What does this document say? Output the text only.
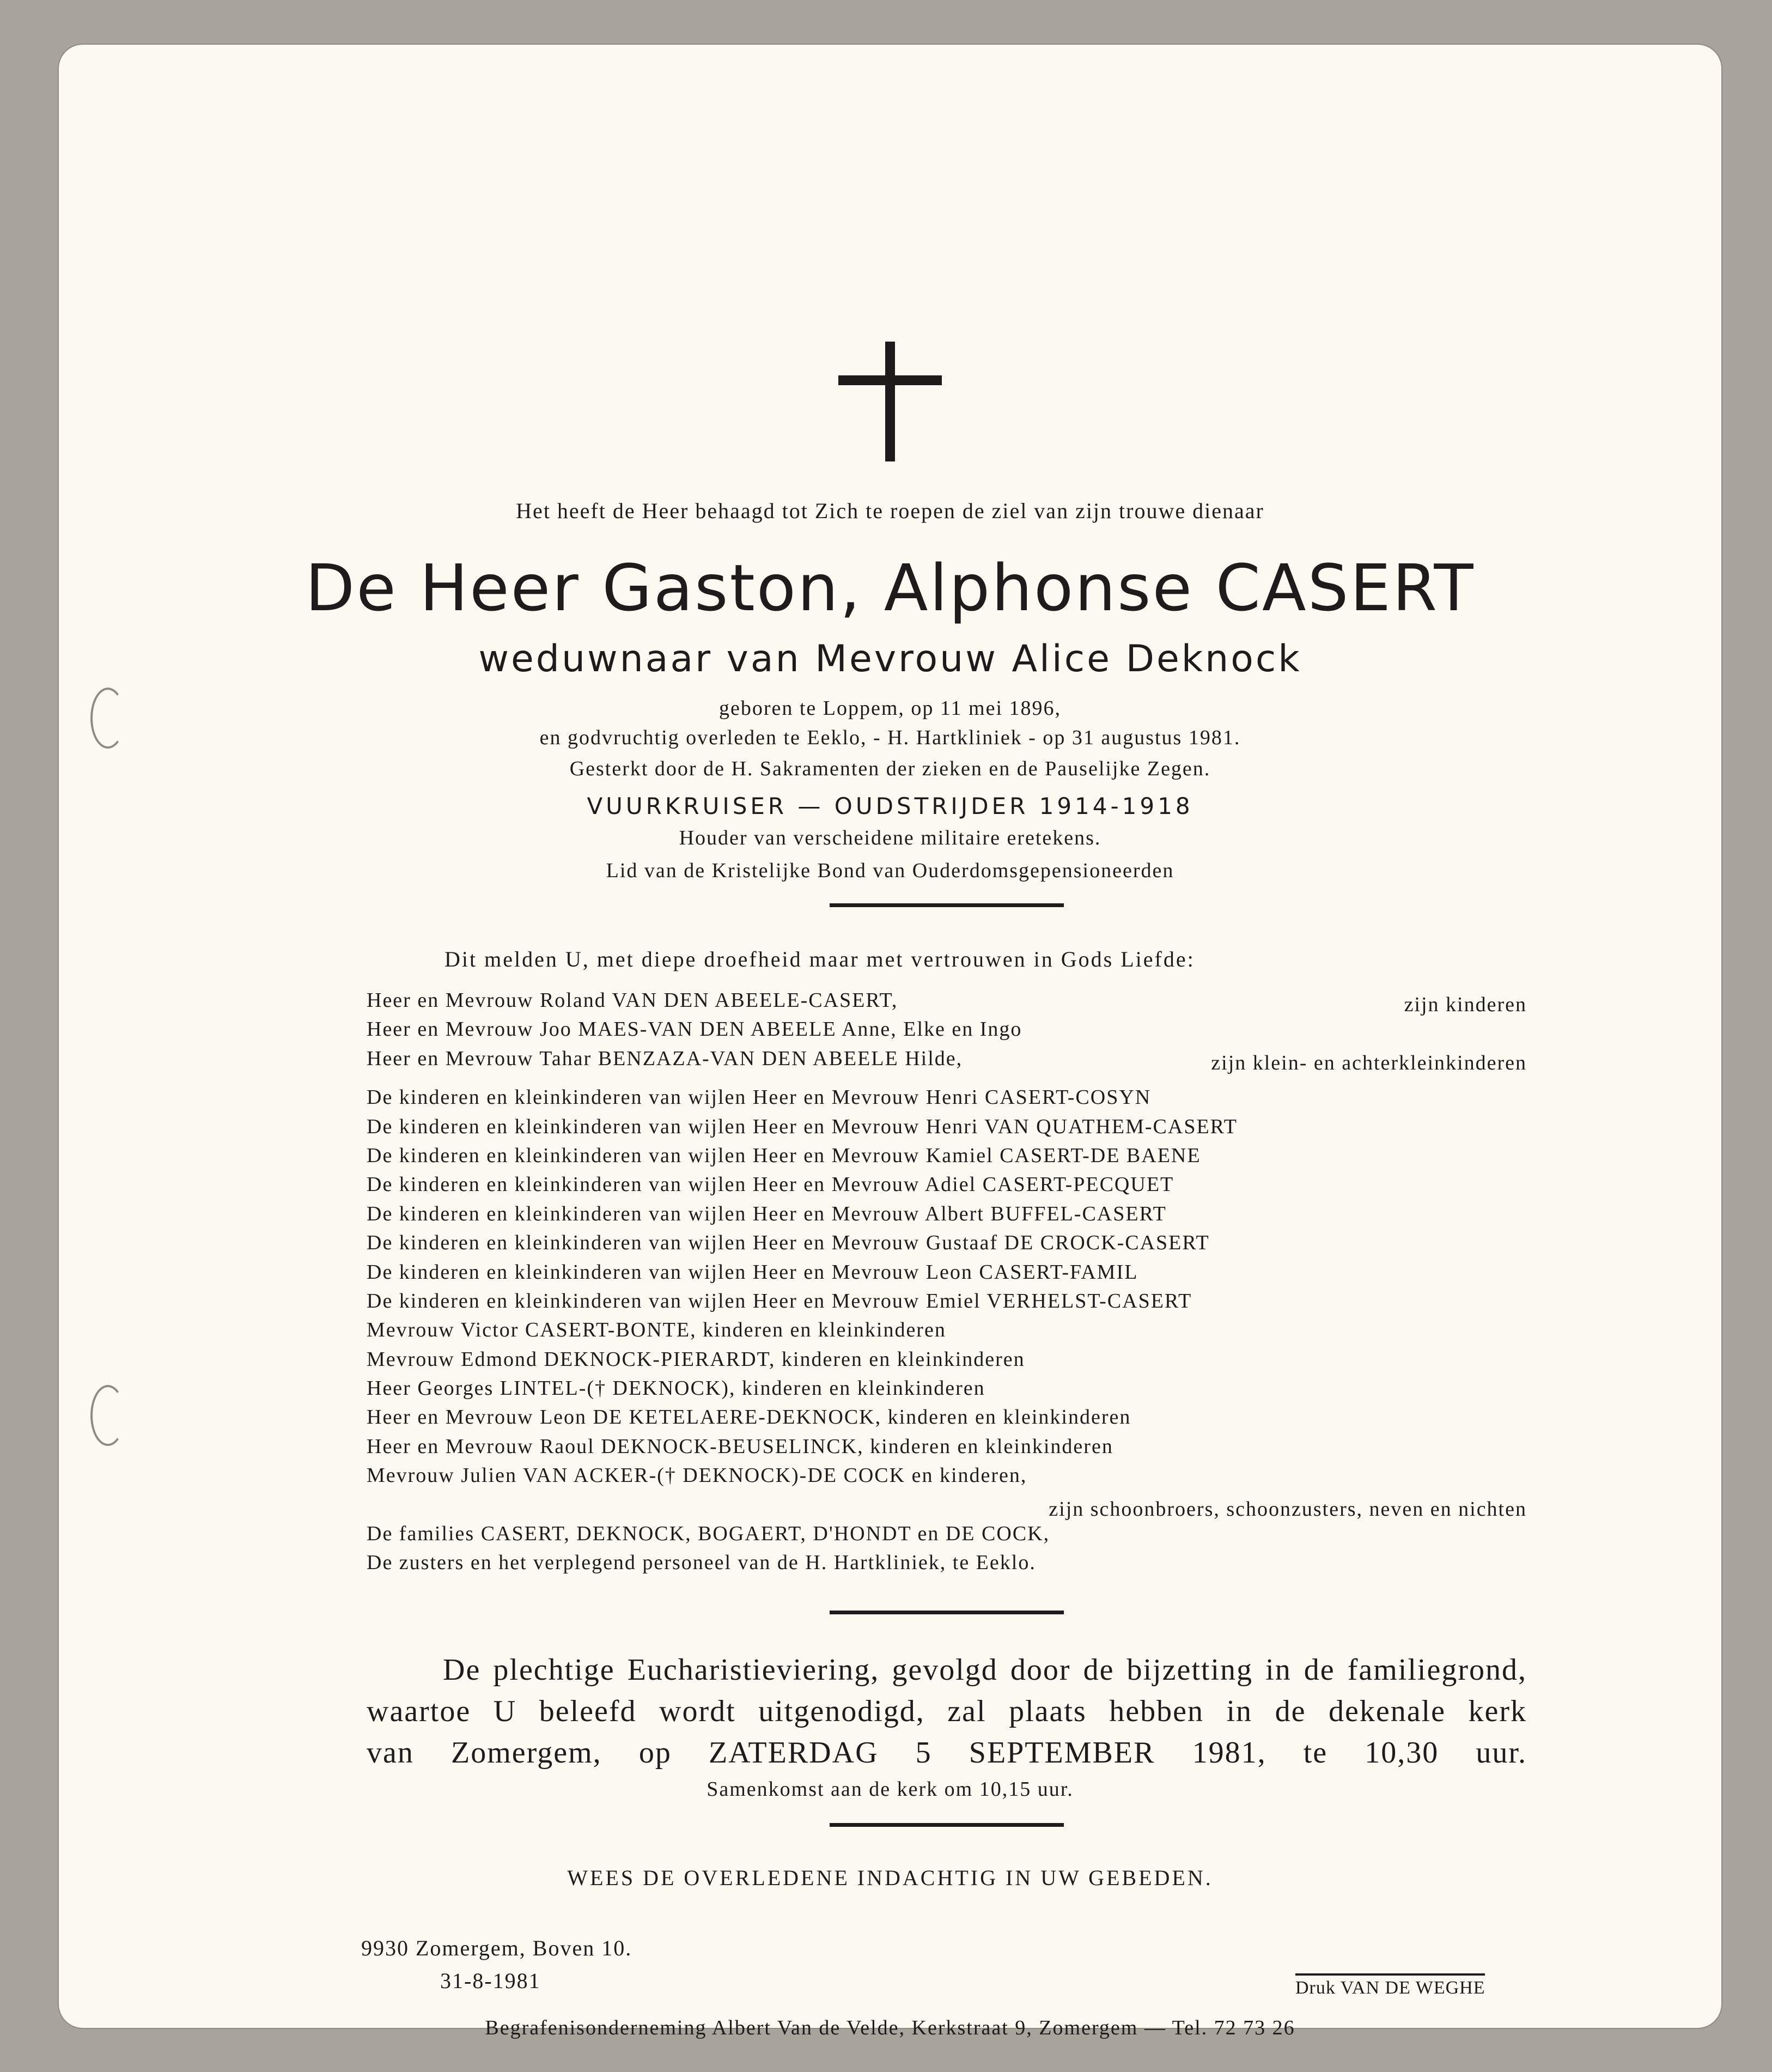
Het heeft de Heer behaagd tot Zich te roepen de ziel van zijn trouwe dienaar
De Heer Gaston, Alphonse CASERT
weduwnaar van Mevrouw Alice Deknock
geboren te Loppem, op 11 mei 1896,
en godvruchtig overleden te Eeklo, - H. Hartkliniek - op 31 augustus 1981.
Gesterkt door de H. Sakramenten der zieken en de Pauselijke Zegen.
VUURKRUISER — OUDSTRIJDER 1914-1918
Houder van verscheidene militaire eretekens.
Lid van de Kristelijke Bond van Ouderdomsgepensioneerden
Dit melden U, met diepe droefheid maar met vertrouwen in Gods Liefde:
Heer en Mevrouw Roland VAN DEN ABEELE-CASERT,	zijn kinderen
Heer en Mevrouw Joo MAES-VAN DEN ABEELE Anne, Elke en Ingo
Heer en Mevrouw Tahar BENZAZA-VAN DEN ABEELE Hilde,	zijn klein- en achterkleinkinderen
De kinderen en kleinkinderen van wijlen Heer en Mevrouw Henri CASERT-COSYN
De kinderen en kleinkinderen van wijlen Heer en Mevrouw Henri VAN QUATHEM-CASERT
De kinderen en kleinkinderen van wijlen Heer en Mevrouw Kamiel CASERT-DE BAENE
De kinderen en kleinkinderen van wijlen Heer en Mevrouw Adiel CASERT-PECQUET
De kinderen en kleinkinderen van wijlen Heer en Mevrouw Albert BUFFEL-CASERT
De kinderen en kleinkinderen van wijlen Heer en Mevrouw Gustaaf DE CROCK-CASERT
De kinderen en kleinkinderen van wijlen Heer en Mevrouw Leon CASERT-FAMIL
De kinderen en kleinkinderen van wijlen Heer en Mevrouw Emiel VERHELST-CASERT
Mevrouw Victor CASERT-BONTE, kinderen en kleinkinderen
Mevrouw Edmond DEKNOCK-PIERARDT, kinderen en kleinkinderen
Heer Georges LINTEL-(† DEKNOCK), kinderen en kleinkinderen
Heer en Mevrouw Leon DE KETELAERE-DEKNOCK, kinderen en kleinkinderen
Heer en Mevrouw Raoul DEKNOCK-BEUSELINCK, kinderen en kleinkinderen
Mevrouw Julien VAN ACKER-(† DEKNOCK)-DE COCK en kinderen,
zijn schoonbroers, schoonzusters, neven en nichten
De families CASERT, DEKNOCK, BOGAERT, D'HONDT en DE COCK,
De zusters en het verplegend personeel van de H. Hartkliniek, te Eeklo.
De plechtige Eucharistieviering, gevolgd door de bijzetting in de familiegrond,
waartoe U beleefd wordt uitgenodigd, zal plaats hebben in de dekenale kerk
van Zomergem, op ZATERDAG 5 SEPTEMBER 1981, te 10,30 uur.
Samenkomst aan de kerk om 10,15 uur.
WEES DE OVERLEDENE INDACHTIG IN UW GEBEDEN.
9930 Zomergem, Boven 10.
31-8-1981	Druk VAN DE WEGHE
Begrafenisonderneming Albert Van de Velde, Kerkstraat 9, Zomergem — Tel. 72 73 26
